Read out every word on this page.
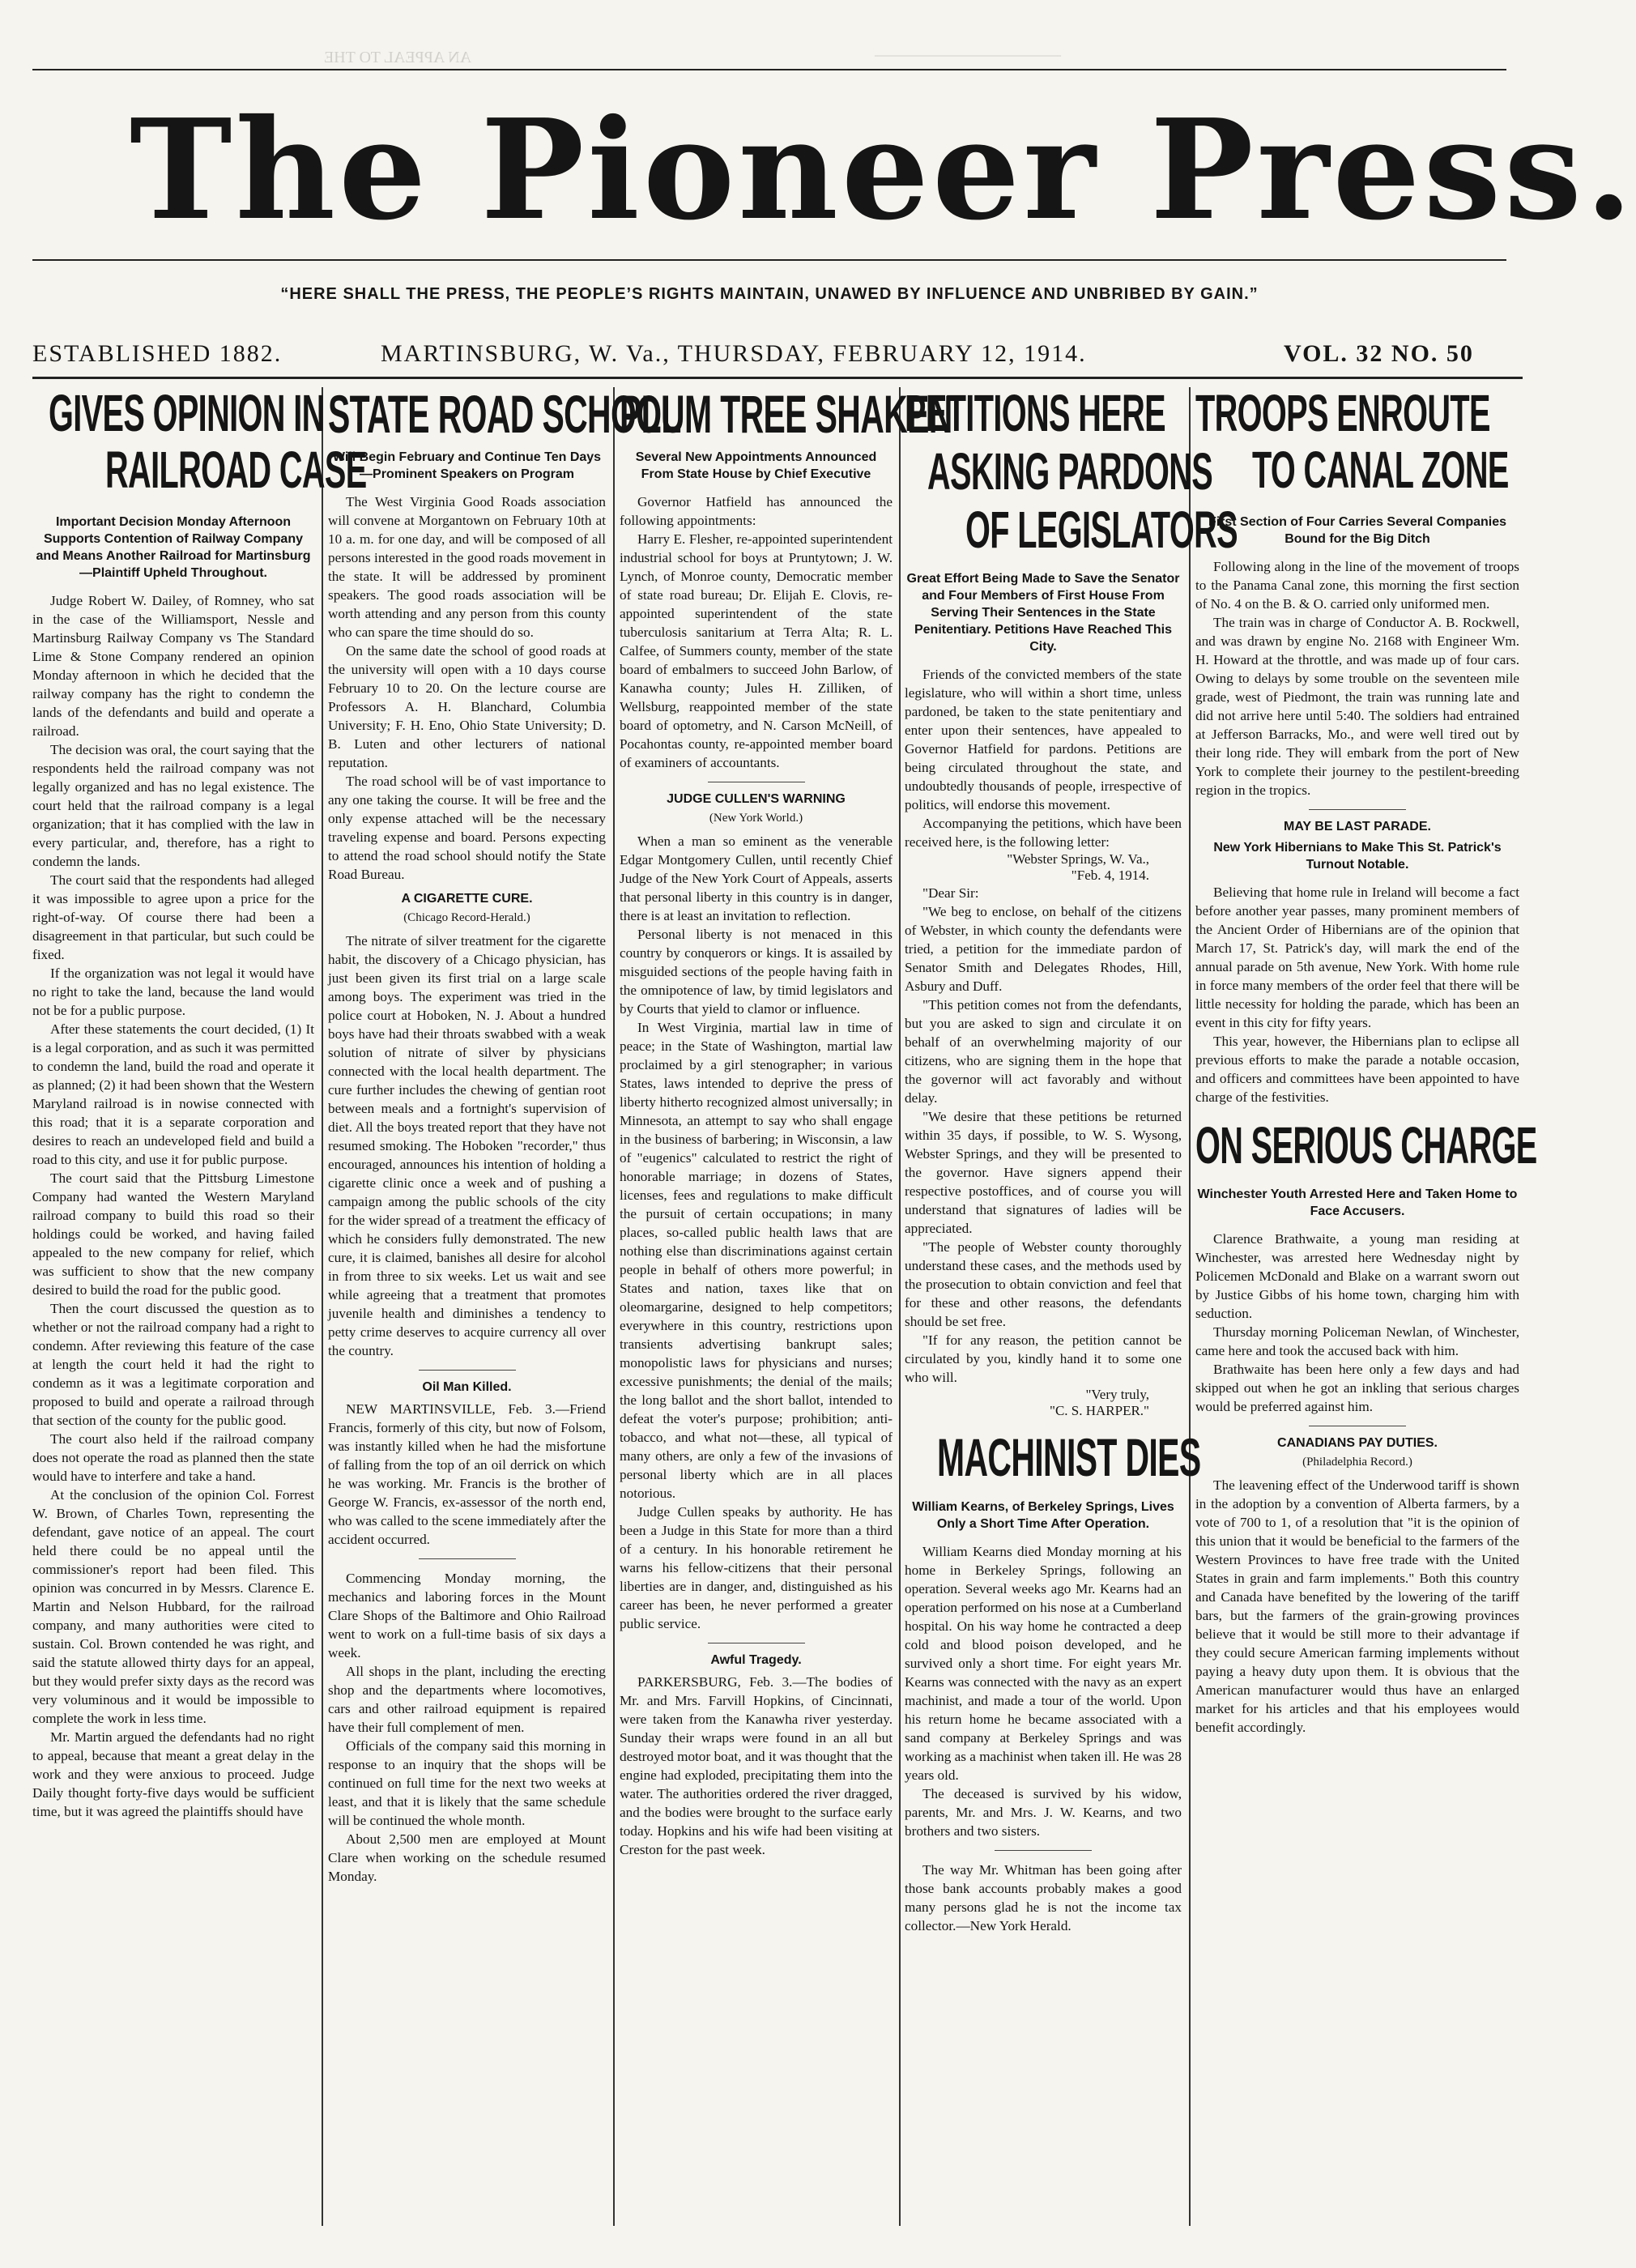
AN APPEAL TO THE	_______________________
The Pioneer Press.
“HERE SHALL THE PRESS, THE PEOPLE’S RIGHTS MAINTAIN, UNAWED BY INFLUENCE AND UNBRIBED BY GAIN.”
ESTABLISHED 1882.	MARTINSBURG, W. Va., THURSDAY, FEBRUARY 12, 1914.	VOL. 32 NO. 50
GIVES OPINION IN
RAILROAD CASE
Important Decision Monday Afternoon Supports Contention of Railway Company and Means Another Railroad for Martinsburg—Plaintiff Upheld Throughout.

Judge Robert W. Dailey, of Romney, who sat in the case of the Williamsport, Nessle and Martinsburg Railway Company vs The Standard Lime & Stone Company rendered an opinion Monday afternoon in which he decided that the railway company has the right to condemn the lands of the defendants and build and operate a railroad.

The decision was oral, the court saying that the respondents held the railroad company was not legally organized and has no legal existence. The court held that the railroad company is a legal organization; that it has complied with the law in every particular, and, therefore, has a right to condemn the lands.

The court said that the respondents had alleged it was impossible to agree upon a price for the right-of-way. Of course there had been a disagreement in that particular, but such could be fixed.

If the organization was not legal it would have no right to take the land, because the land would not be for a public purpose.

After these statements the court decided, (1) It is a legal corporation, and as such it was permitted to condemn the land, build the road and operate it as planned; (2) it had been shown that the Western Maryland railroad is in nowise connected with this road; that it is a separate corporation and desires to reach an undeveloped field and build a road to this city, and use it for public purpose.

The court said that the Pittsburg Limestone Company had wanted the Western Maryland railroad company to build this road so their holdings could be worked, and having failed appealed to the new company for relief, which was sufficient to show that the new company desired to build the road for the public good.

Then the court discussed the question as to whether or not the railroad company had a right to condemn. After reviewing this feature of the case at length the court held it had the right to condemn as it was a legitimate corporation and proposed to build and operate a railroad through that section of the county for the public good.

The court also held if the railroad company does not operate the road as planned then the state would have to interfere and take a hand.

At the conclusion of the opinion Col. Forrest W. Brown, of Charles Town, representing the defendant, gave notice of an appeal. The court held there could be no appeal until the commissioner's report had been filed. This opinion was concurred in by Messrs. Clarence E. Martin and Nelson Hubbard, for the railroad company, and many authorities were cited to sustain. Col. Brown contended he was right, and said the statute allowed thirty days for an appeal, but they would prefer sixty days as the record was very voluminous and it would be impossible to complete the work in less time.

Mr. Martin argued the defendants had no right to appeal, because that meant a great delay in the work and they were anxious to proceed. Judge Daily thought forty-five days would be sufficient time, but it was agreed the plaintiffs should have

STATE ROAD SCHOOL
Will Begin February and Continue Ten Days—Prominent Speakers on Program

The West Virginia Good Roads association will convene at Morgantown on February 10th at 10 a. m. for one day, and will be composed of all persons interested in the good roads movement in the state. It will be addressed by prominent speakers. The good roads association will be worth attending and any person from this county who can spare the time should do so.

On the same date the school of good roads at the university will open with a 10 days course February 10 to 20. On the lecture course are Professors A. H. Blanchard, Columbia University; F. H. Eno, Ohio State University; D. B. Luten and other lecturers of national reputation.

The road school will be of vast importance to any one taking the course. It will be free and the only expense attached will be the necessary traveling expense and board. Persons expecting to attend the road school should notify the State Road Bureau.

A CIGARETTE CURE.
(Chicago Record-Herald.)

The nitrate of silver treatment for the cigarette habit, the discovery of a Chicago physician, has just been given its first trial on a large scale among boys. The experiment was tried in the police court at Hoboken, N. J. About a hundred boys have had their throats swabbed with a weak solution of nitrate of silver by physicians connected with the local health department. The cure further includes the chewing of gentian root between meals and a fortnight's supervision of diet. All the boys treated report that they have not resumed smoking. The Hoboken "recorder," thus encouraged, announces his intention of holding a cigarette clinic once a week and of pushing a campaign among the public schools of the city for the wider spread of a treatment the efficacy of which he considers fully demonstrated. The new cure, it is claimed, banishes all desire for alcohol in from three to six weeks. Let us wait and see while agreeing that a treatment that promotes juvenile health and diminishes a tendency to petty crime deserves to acquire currency all over the country.

Oil Man Killed.

NEW MARTINSVILLE, Feb. 3.—Friend Francis, formerly of this city, but now of Folsom, was instantly killed when he had the misfortune of falling from the top of an oil derrick on which he was working. Mr. Francis is the brother of George W. Francis, ex-assessor of the north end, who was called to the scene immediately after the accident occurred.

Commencing Monday morning, the mechanics and laboring forces in the Mount Clare Shops of the Baltimore and Ohio Railroad went to work on a full-time basis of six days a week.

All shops in the plant, including the erecting shop and the departments where locomotives, cars and other railroad equipment is repaired have their full complement of men.

Officials of the company said this morning in response to an inquiry that the shops will be continued on full time for the next two weeks at least, and that it is likely that the same schedule will be continued the whole month.

About 2,500 men are employed at Mount Clare when working on the schedule resumed Monday.

PLUM TREE SHAKEN
Several New Appointments Announced From State House by Chief Executive

Governor Hatfield has announced the following appointments:

Harry E. Flesher, re-appointed superintendent industrial school for boys at Pruntytown; J. W. Lynch, of Monroe county, Democratic member of state road bureau; Dr. Elijah E. Clovis, re-appointed superintendent of the state tuberculosis sanitarium at Terra Alta; R. L. Calfee, of Summers county, member of the state board of embalmers to succeed John Barlow, of Kanawha county; Jules H. Zilliken, of Wellsburg, reappointed member of the state board of optometry, and N. Carson McNeill, of Pocahontas county, re-appointed member board of examiners of accountants.

JUDGE CULLEN'S WARNING
(New York World.)

When a man so eminent as the venerable Edgar Montgomery Cullen, until recently Chief Judge of the New York Court of Appeals, asserts that personal liberty in this country is in danger, there is at least an invitation to reflection.

Personal liberty is not menaced in this country by conquerors or kings. It is assailed by misguided sections of the people having faith in the omnipotence of law, by timid legislators and by Courts that yield to clamor or influence.

In West Virginia, martial law in time of peace; in the State of Washington, martial law proclaimed by a girl stenographer; in various States, laws intended to deprive the press of liberty hitherto recognized almost universally; in Minnesota, an attempt to say who shall engage in the business of barbering; in Wisconsin, a law of "eugenics" calculated to restrict the right of honorable marriage; in dozens of States, licenses, fees and regulations to make difficult the pursuit of certain occupations; in many places, so-called public health laws that are nothing else than discriminations against certain people in behalf of others more powerful; in States and nation, taxes like that on oleomargarine, designed to help competitors; everywhere in this country, restrictions upon transients advertising bankrupt sales; monopolistic laws for physicians and nurses; excessive punishments; the denial of the mails; the long ballot and the short ballot, intended to defeat the voter's purpose; prohibition; anti-tobacco, and what not—these, all typical of many others, are only a few of the invasions of personal liberty which are in all places notorious.

Judge Cullen speaks by authority. He has been a Judge in this State for more than a third of a century. In his honorable retirement he warns his fellow-citizens that their personal liberties are in danger, and, distinguished as his career has been, he never performed a greater public service.

Awful Tragedy.

PARKERSBURG, Feb. 3.—The bodies of Mr. and Mrs. Farvill Hopkins, of Cincinnati, were taken from the Kanawha river yesterday. Sunday their wraps were found in an all but destroyed motor boat, and it was thought that the engine had exploded, precipitating them into the water. The authorities ordered the river dragged, and the bodies were brought to the surface early today. Hopkins and his wife had been visiting at Creston for the past week.

PETITIONS HERE
ASKING PARDONS
OF LEGISLATORS
Great Effort Being Made to Save the Senator and Four Members of First House From Serving Their Sentences in the State Penitentiary. Petitions Have Reached This City.

Friends of the convicted members of the state legislature, who will within a short time, unless pardoned, be taken to the state penitentiary and enter upon their sentences, have appealed to Governor Hatfield for pardons. Petitions are being circulated throughout the state, and undoubtedly thousands of people, irrespective of politics, will endorse this movement.

Accompanying the petitions, which have been received here, is the following letter:

"Webster Springs, W. Va.,
"Feb. 4, 1914.

"Dear Sir:

"We beg to enclose, on behalf of the citizens of Webster, in which county the defendants were tried, a petition for the immediate pardon of Senator Smith and Delegates Rhodes, Hill, Asbury and Duff.

"This petition comes not from the defendants, but you are asked to sign and circulate it on behalf of an overwhelming majority of our citizens, who are signing them in the hope that the governor will act favorably and without delay.

"We desire that these petitions be returned within 35 days, if possible, to W. S. Wysong, Webster Springs, and they will be presented to the governor. Have signers append their respective postoffices, and of course you will understand that signatures of ladies will be appreciated.

"The people of Webster county thoroughly understand these cases, and the methods used by the prosecution to obtain conviction and feel that for these and other reasons, the defendants should be set free.

"If for any reason, the petition cannot be circulated by you, kindly hand it to some one who will.

"Very truly,
"C. S. HARPER."
MACHINIST DIES
William Kearns, of Berkeley Springs, Lives Only a Short Time After Operation.

William Kearns died Monday morning at his home in Berkeley Springs, following an operation. Several weeks ago Mr. Kearns had an operation performed on his nose at a Cumberland hospital. On his way home he contracted a deep cold and blood poison developed, and he survived only a short time. For eight years Mr. Kearns was connected with the navy as an expert machinist, and made a tour of the world. Upon his return home he became associated with a sand company at Berkeley Springs and was working as a machinist when taken ill. He was 28 years old.

The deceased is survived by his widow, parents, Mr. and Mrs. J. W. Kearns, and two brothers and two sisters.

The way Mr. Whitman has been going after those bank accounts probably makes a good many persons glad he is not the income tax collector.—New York Herald.

TROOPS ENROUTE
TO CANAL ZONE
First Section of Four Carries Several Companies Bound for the Big Ditch

Following along in the line of the movement of troops to the Panama Canal zone, this morning the first section of No. 4 on the B. & O. carried only uniformed men.

The train was in charge of Conductor A. B. Rockwell, and was drawn by engine No. 2168 with Engineer Wm. H. Howard at the throttle, and was made up of four cars. Owing to delays by some trouble on the seventeen mile grade, west of Piedmont, the train was running late and did not arrive here until 5:40. The soldiers had entrained at Jefferson Barracks, Mo., and were well tired out by their long ride. They will embark from the port of New York to complete their journey to the pestilent-breeding region in the tropics.

MAY BE LAST PARADE.
New York Hibernians to Make This St. Patrick's Turnout Notable.

Believing that home rule in Ireland will become a fact before another year passes, many prominent members of the Ancient Order of Hibernians are of the opinion that March 17, St. Patrick's day, will mark the end of the annual parade on 5th avenue, New York. With home rule in force many members of the order feel that there will be little necessity for holding the parade, which has been an event in this city for fifty years.

This year, however, the Hibernians plan to eclipse all previous efforts to make the parade a notable occasion, and officers and committees have been appointed to have charge of the festivities.

ON SERIOUS CHARGE
Winchester Youth Arrested Here and Taken Home to Face Accusers.

Clarence Brathwaite, a young man residing at Winchester, was arrested here Wednesday night by Policemen McDonald and Blake on a warrant sworn out by Justice Gibbs of his home town, charging him with seduction.

Thursday morning Policeman Newlan, of Winchester, came here and took the accused back with him.

Brathwaite has been here only a few days and had skipped out when he got an inkling that serious charges would be preferred against him.

CANADIANS PAY DUTIES.
(Philadelphia Record.)

The leavening effect of the Underwood tariff is shown in the adoption by a convention of Alberta farmers, by a vote of 700 to 1, of a resolution that "it is the opinion of this union that it would be beneficial to the farmers of the Western Provinces to have free trade with the United States in grain and farm implements." Both this country and Canada have benefited by the lowering of the tariff bars, but the farmers of the grain-growing provinces believe that it would be still more to their advantage if they could secure American farming implements without paying a heavy duty upon them. It is obvious that the American manufacturer would thus have an enlarged market for his articles and that his employees would benefit accordingly.
